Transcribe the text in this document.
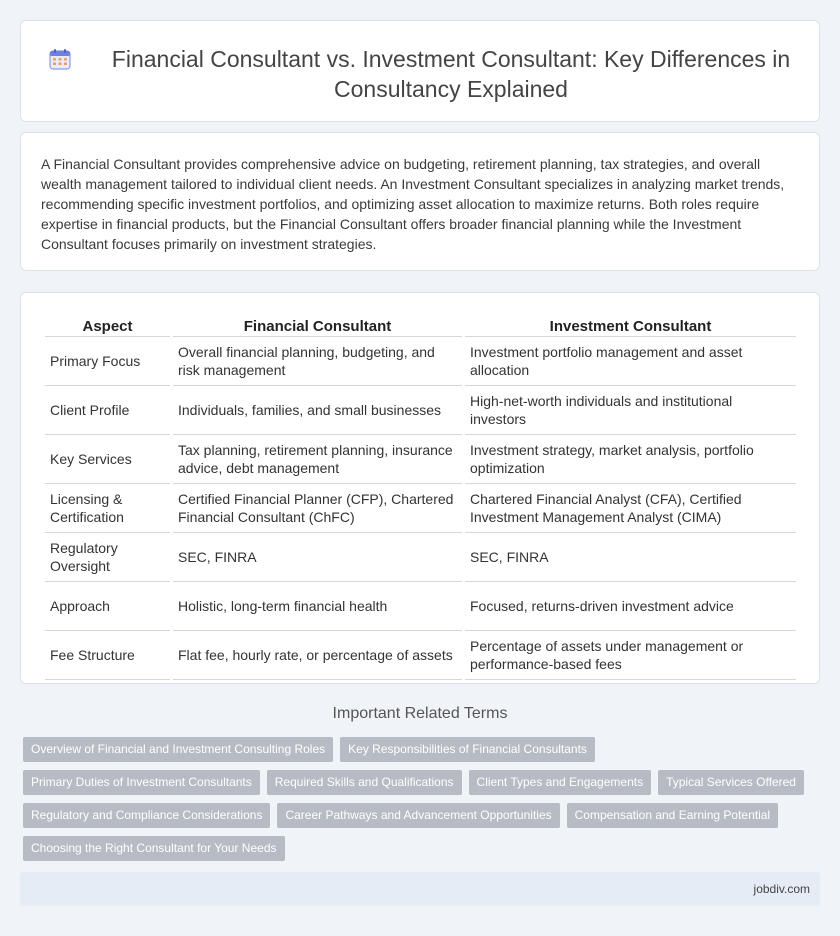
Financial Consultant vs. Investment Consultant: Key Differences in Consultancy Explained

A Financial Consultant provides comprehensive advice on budgeting, retirement planning, tax strategies, and overall wealth management tailored to individual client needs. An Investment Consultant specializes in analyzing market trends, recommending specific investment portfolios, and optimizing asset allocation to maximize returns. Both roles require expertise in financial products, but the Financial Consultant offers broader financial planning while the Investment Consultant focuses primarily on investment strategies.

Aspect	Financial Consultant	Investment Consultant
Primary Focus	Overall financial planning, budgeting, and risk management	Investment portfolio management and asset allocation
Client Profile	Individuals, families, and small businesses	High-net-worth individuals and institutional investors
Key Services	Tax planning, retirement planning, insurance advice, debt management	Investment strategy, market analysis, portfolio optimization
Licensing & Certification	Certified Financial Planner (CFP), Chartered Financial Consultant (ChFC)	Chartered Financial Analyst (CFA), Certified Investment Management Analyst (CIMA)
Regulatory Oversight	SEC, FINRA	SEC, FINRA
Approach	Holistic, long-term financial health	Focused, returns-driven investment advice
Fee Structure	Flat fee, hourly rate, or percentage of assets	Percentage of assets under management or performance-based fees
Important Related Terms
Overview of Financial and Investment Consulting Roles	Key Responsibilities of Financial Consultants
Primary Duties of Investment Consultants	Required Skills and Qualifications	Client Types and Engagements	Typical Services Offered
Regulatory and Compliance Considerations	Career Pathways and Advancement Opportunities	Compensation and Earning Potential
Choosing the Right Consultant for Your Needs
jobdiv.com
